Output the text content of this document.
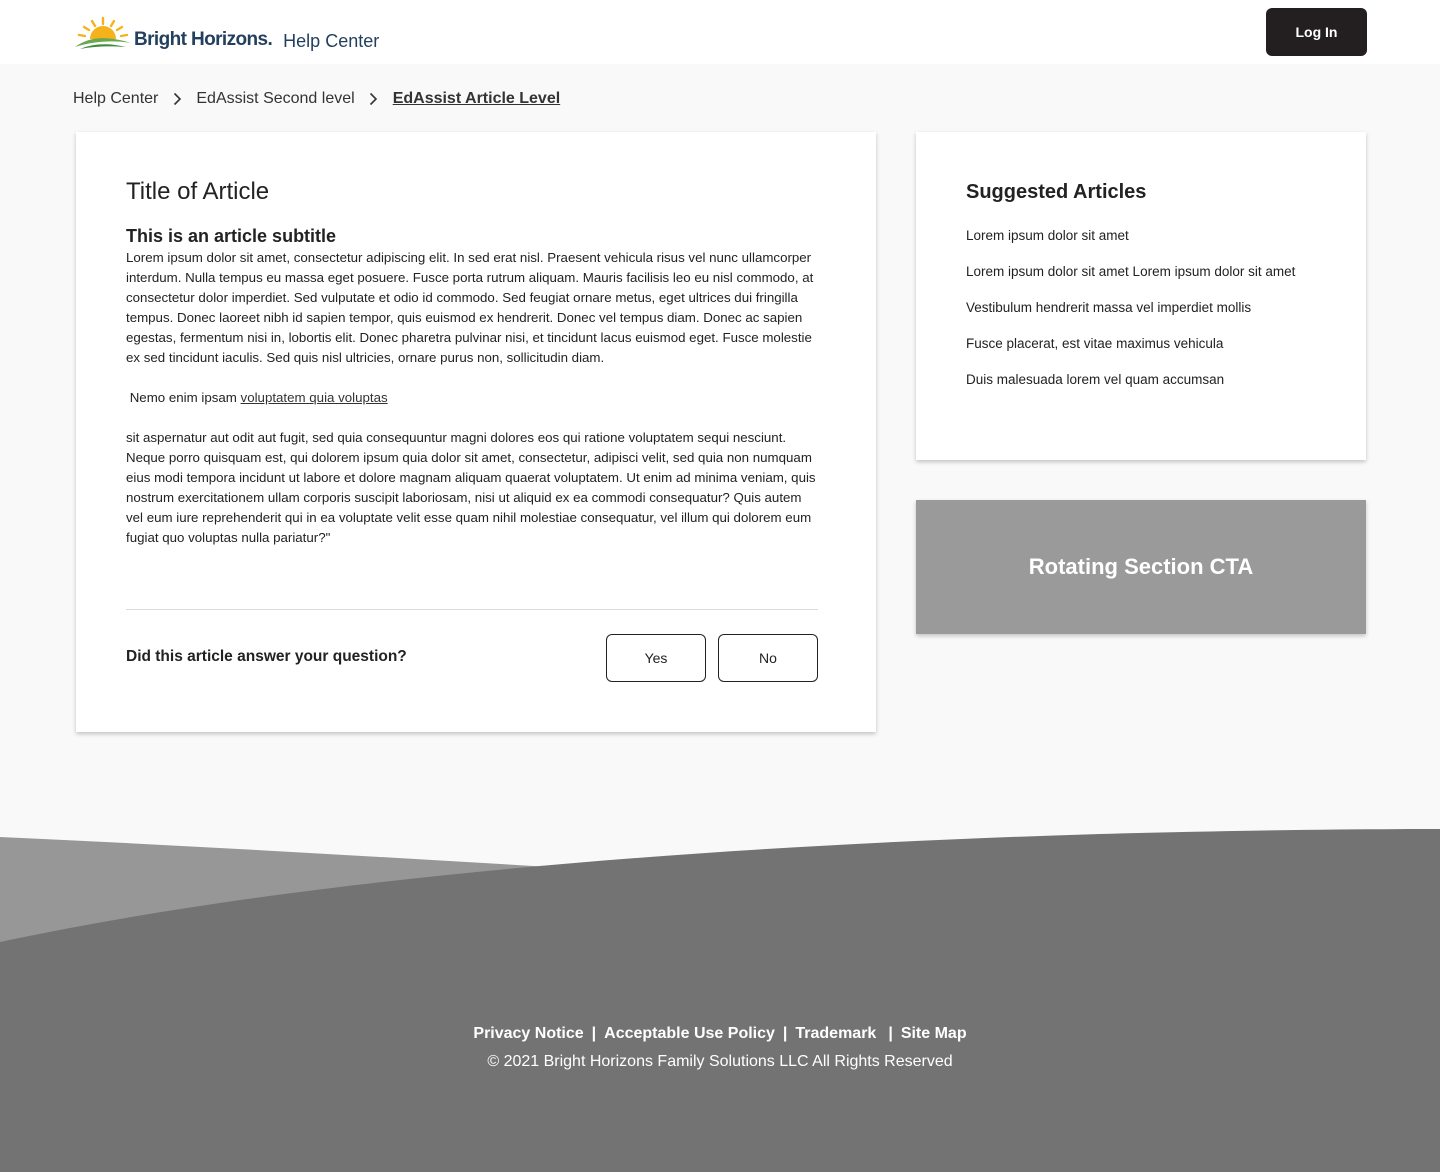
Bright Horizons. Help Center	Log In
Help Center EdAssist Second level EdAssist Article Level
Title of Article
This is an article subtitle

Lorem ipsum dolor sit amet, consectetur adipiscing elit. In sed erat nisl. Praesent vehicula risus vel nunc ullamcorper interdum. Nulla tempus eu massa eget posuere. Fusce porta rutrum aliquam. Mauris facilisis leo eu nisl commodo, at consectetur dolor imperdiet. Sed vulputate et odio id commodo. Sed feugiat ornare metus, eget ultrices dui fringilla tempus. Donec laoreet nibh id sapien tempor, quis euismod ex hendrerit. Donec vel tempus diam. Donec ac sapien egestas, fermentum nisi in, lobortis elit. Donec pharetra pulvinar nisi, et tincidunt lacus euismod eget. Fusce molestie ex sed tincidunt iaculis. Sed quis nisl ultricies, ornare purus non, sollicitudin diam.

Nemo enim ipsam voluptatem quia voluptas

sit aspernatur aut odit aut fugit, sed quia consequuntur magni dolores eos qui ratione voluptatem sequi nesciunt. Neque porro quisquam est, qui dolorem ipsum quia dolor sit amet, consectetur, adipisci velit, sed quia non numquam eius modi tempora incidunt ut labore et dolore magnam aliquam quaerat voluptatem. Ut enim ad minima veniam, quis nostrum exercitationem ullam corporis suscipit laboriosam, nisi ut aliquid ex ea commodi consequatur? Quis autem vel eum iure reprehenderit qui in ea voluptate velit esse quam nihil molestiae consequatur, vel illum qui dolorem eum fugiat quo voluptas nulla pariatur?"

Did this article answer your question?	Yes	No
Suggested Articles
Lorem ipsum dolor sit amet
Lorem ipsum dolor sit amet Lorem ipsum dolor sit amet
Vestibulum hendrerit massa vel imperdiet mollis
Fusce placerat, est vitae maximus vehicula
Duis malesuada lorem vel quam accumsan
Rotating Section CTA
Privacy Notice | Acceptable Use Policy | Trademark | Site Map
© 2021 Bright Horizons Family Solutions LLC All Rights Reserved
